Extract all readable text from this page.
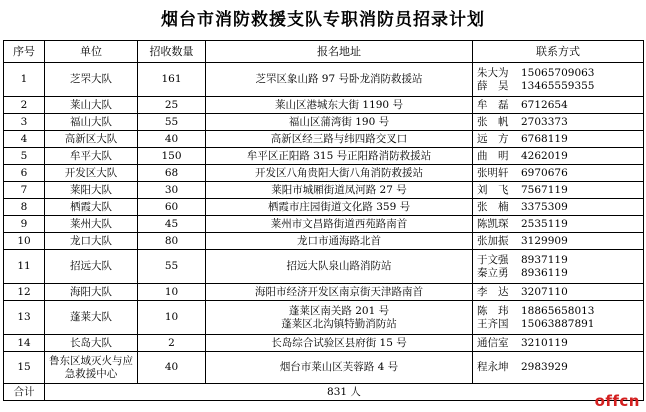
烟台市消防救援支队专职消防员招录计划
序号	单位	招收数量	报名地址	联系方式
1	芝罘大队	161	芝罘区象山路 97 号卧龙消防救援站	朱大为 15065709063
薛　昊 13465559355

2	莱山大队	25	莱山区港城东大街 1190 号	牟　磊 6712654

3	福山大队	55	福山区蒲湾街 190 号	张　帆 2703373

4	高新区大队	40	高新区经三路与纬四路交叉口	远　方 6768119

5	牟平大队	150	牟平区正阳路 315 号正阳路消防救援站	曲　明 4262019

6	开发区大队	68	开发区八角贵阳大街八角消防救援站	张明轩 6970676

7	莱阳大队	30	莱阳市城厢街道凤河路 27 号	刘　飞 7567119

8	栖霞大队	60	栖霞市庄园街道文化路 359 号	张　楠 3375309

9	莱州大队	45	莱州市文昌路街道西苑路南首	陈凯琛 2535119

10	龙口大队	80	龙口市通海路北首	张加振 3129909

11	招远大队	55	招远大队泉山路消防站	于文强 8937119
秦立勇 8936119

12	海阳大队	10	海阳市经济开发区南京街天津路南首	李　达 3207110

13	蓬莱大队	10	蓬莱区南关路 201 号
蓬莱区北沟镇特勤消防站	陈　玮 18865658013
王齐国 15063887891

14	长岛大队	2	长岛综合试验区县府街 15 号	通信室 3210119

15	鲁东区域灭火与应急救援中心	40	烟台市莱山区芙蓉路 4 号	程永坤 2983929

合计	831 人			
offcn
